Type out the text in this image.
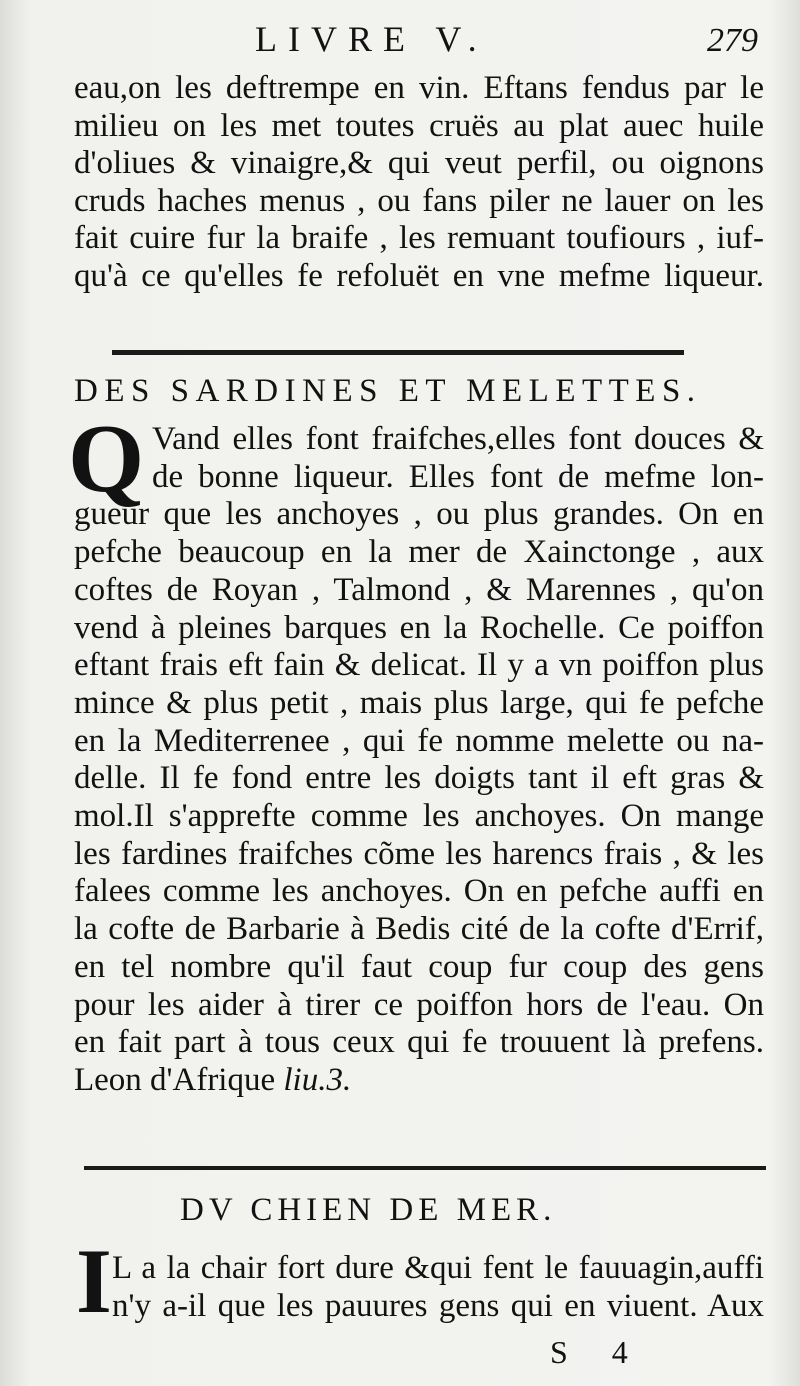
LIVRE V.	279
eau,on les deftrempe en vin. Eftans fendus par le
milieu on les met toutes cruës au plat auec huile
d'oliues & vinaigre,& qui veut perfil, ou oignons
cruds haches menus , ou fans piler ne lauer on les
fait cuire fur la braife , les remuant toufiours , iuf-
qu'à ce qu'elles fe refoluët en vne mefme liqueur.
DES SARDINES ET MELETTES.
Q Vand elles font fraifches,elles font douces &
de bonne liqueur. Elles font de mefme lon-
gueur que les anchoyes , ou plus grandes. On en
pefche beaucoup en la mer de Xainctonge , aux
coftes de Royan , Talmond , & Marennes , qu'on
vend à pleines barques en la Rochelle. Ce poiffon
eftant frais eft fain & delicat. Il y a vn poiffon plus
mince & plus petit , mais plus large, qui fe pefche
en la Mediterrenee , qui fe nomme melette ou na-
delle. Il fe fond entre les doigts tant il eft gras &
mol.Il s'apprefte comme les anchoyes. On mange
les fardines fraifches cõme les harencs frais , & les
falees comme les anchoyes. On en pefche auffi en
la cofte de Barbarie à Bedis cité de la cofte d'Errif,
en tel nombre qu'il faut coup fur coup des gens
pour les aider à tirer ce poiffon hors de l'eau. On
en fait part à tous ceux qui fe trouuent là prefens.
Leon d'Afrique liu.3.
DV CHIEN DE MER.
I L a la chair fort dure &qui fent le fauuagin,auffi
n'y a-il que les pauures gens qui en viuent. Aux
S 4
